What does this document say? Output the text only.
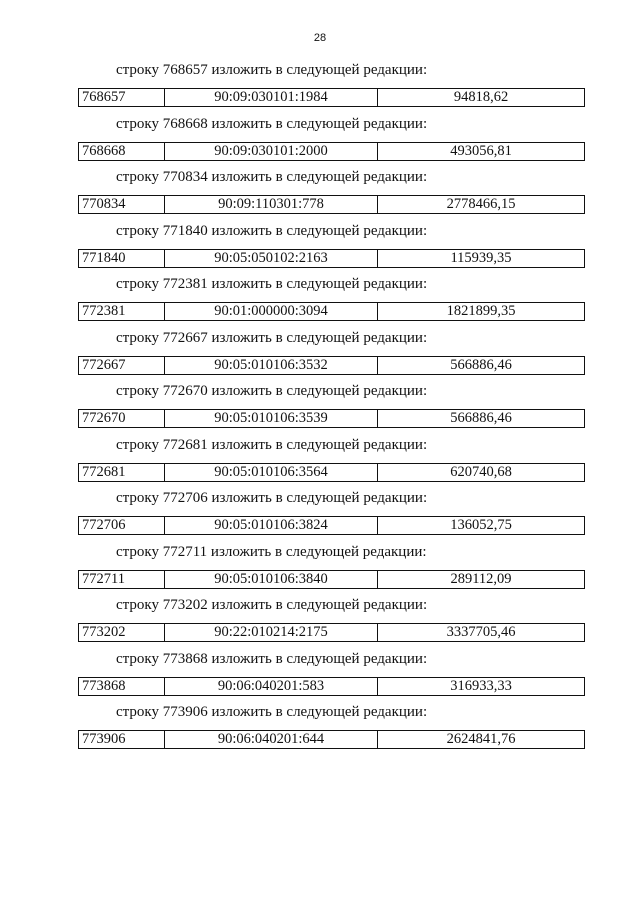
28
строку 768657 изложить в следующей редакции:
768657	90:09:030101:1984	94818,62
строку 768668 изложить в следующей редакции:
768668	90:09:030101:2000	493056,81
строку 770834 изложить в следующей редакции:
770834	90:09:110301:778	2778466,15
строку 771840 изложить в следующей редакции:
771840	90:05:050102:2163	115939,35
строку 772381 изложить в следующей редакции:
772381	90:01:000000:3094	1821899,35
строку 772667 изложить в следующей редакции:
772667	90:05:010106:3532	566886,46
строку 772670 изложить в следующей редакции:
772670	90:05:010106:3539	566886,46
строку 772681 изложить в следующей редакции:
772681	90:05:010106:3564	620740,68
строку 772706 изложить в следующей редакции:
772706	90:05:010106:3824	136052,75
строку 772711 изложить в следующей редакции:
772711	90:05:010106:3840	289112,09
строку 773202 изложить в следующей редакции:
773202	90:22:010214:2175	3337705,46
строку 773868 изложить в следующей редакции:
773868	90:06:040201:583	316933,33
строку 773906 изложить в следующей редакции:
773906	90:06:040201:644	2624841,76
